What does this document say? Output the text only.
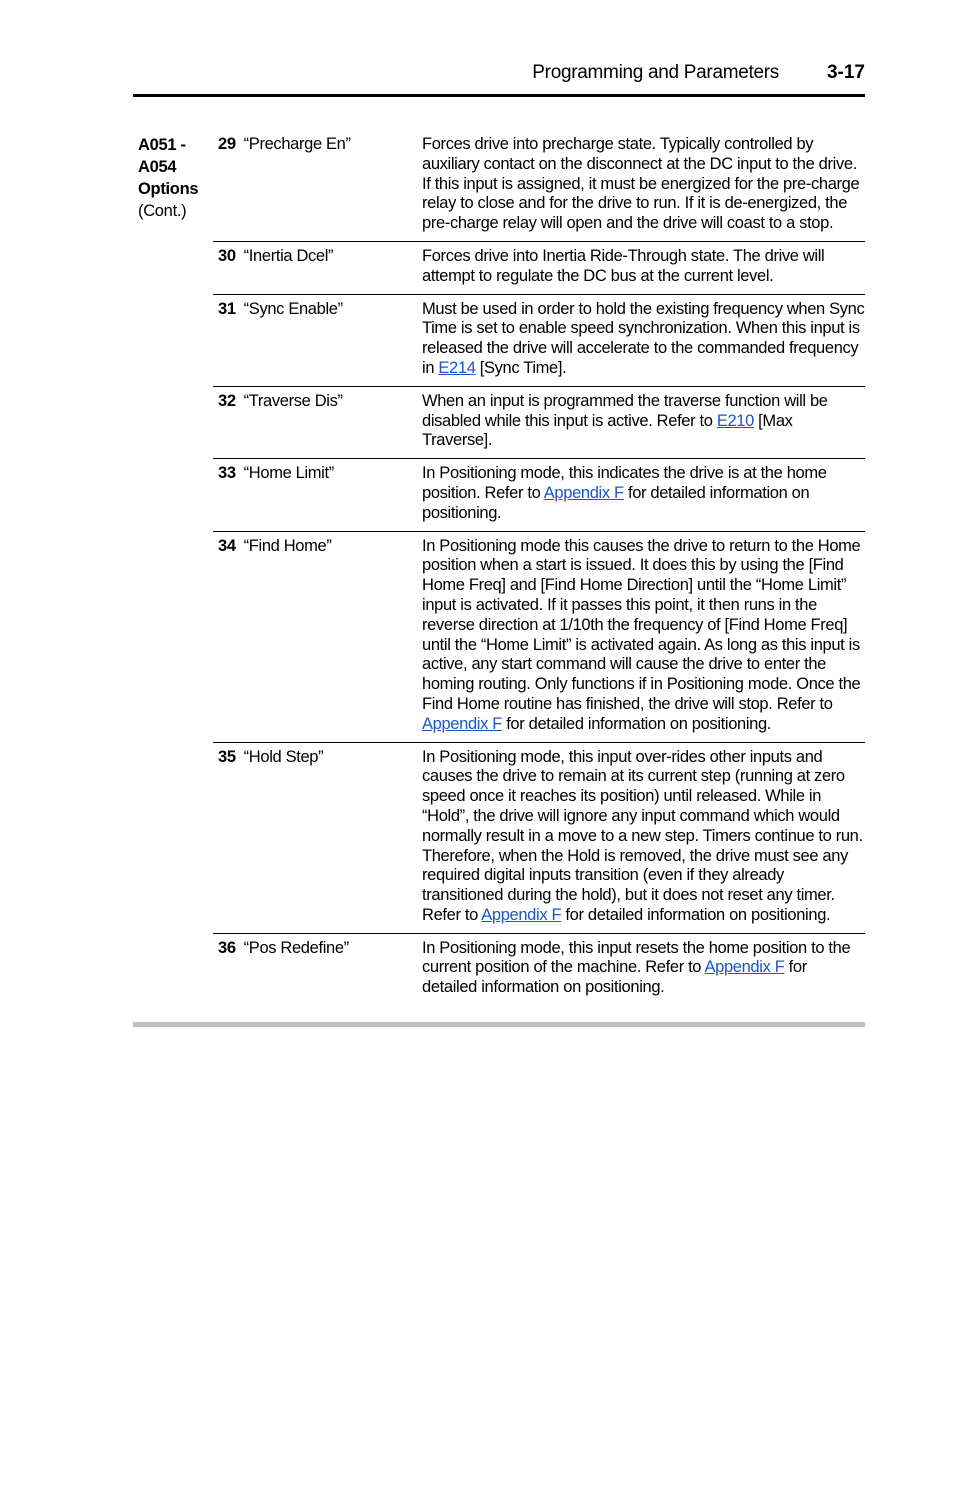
Programming and Parameters	3-17
A051 -
A054
Options
(Cont.)
29 “Precharge En”	Forces drive into precharge state. Typically controlled by auxiliary contact on the disconnect at the DC input to the drive. If this input is assigned, it must be energized for the pre-charge relay to close and for the drive to run. If it is de-energized, the pre-charge relay will open and the drive will coast to a stop.
30 “Inertia Dcel”	Forces drive into Inertia Ride-Through state. The drive will attempt to regulate the DC bus at the current level.
31 “Sync Enable”	Must be used in order to hold the existing frequency when Sync Time is set to enable speed synchronization. When this input is released the drive will accelerate to the commanded frequency in E214 [Sync Time].
32 “Traverse Dis”	When an input is programmed the traverse function will be disabled while this input is active. Refer to E210 [Max Traverse].
33 “Home Limit”	In Positioning mode, this indicates the drive is at the home position. Refer to Appendix F for detailed information on positioning.
34 “Find Home”	In Positioning mode this causes the drive to return to the Home position when a start is issued. It does this by using the [Find Home Freq] and [Find Home Direction] until the “Home Limit” input is activated. If it passes this point, it then runs in the reverse direction at 1/10th the frequency of [Find Home Freq] until the “Home Limit” is activated again. As long as this input is active, any start command will cause the drive to enter the homing routing. Only functions if in Positioning mode. Once the Find Home routine has finished, the drive will stop. Refer to Appendix F for detailed information on positioning.
35 “Hold Step”	In Positioning mode, this input over-rides other inputs and causes the drive to remain at its current step (running at zero speed once it reaches its position) until released. While in “Hold”, the drive will ignore any input command which would normally result in a move to a new step. Timers continue to run. Therefore, when the Hold is removed, the drive must see any required digital inputs transition (even if they already transitioned during the hold), but it does not reset any timer. Refer to Appendix F for detailed information on positioning.
36 “Pos Redefine”	In Positioning mode, this input resets the home position to the current position of the machine. Refer to Appendix F for detailed information on positioning.
